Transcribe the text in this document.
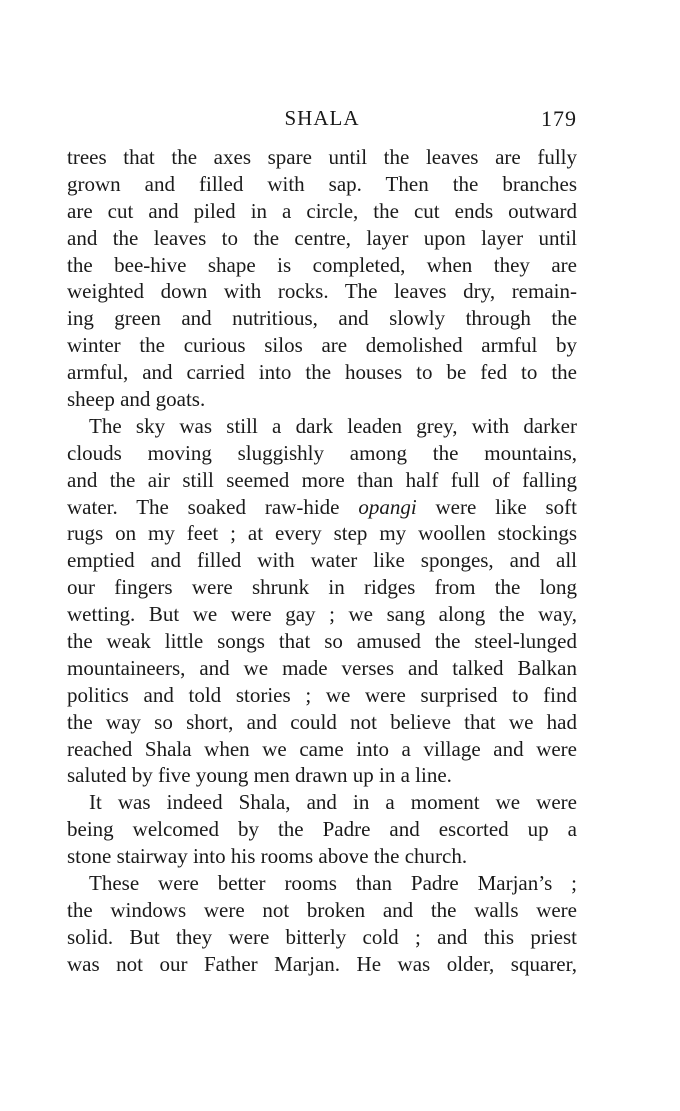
SHALA	179
trees that the axes spare until the leaves are fully
grown and filled with sap. Then the branches
are cut and piled in a circle, the cut ends outward
and the leaves to the centre, layer upon layer until
the bee-hive shape is completed, when they are
weighted down with rocks. The leaves dry, remain-
ing green and nutritious, and slowly through the
winter the curious silos are demolished armful by
armful, and carried into the houses to be fed to the
sheep and goats.
The sky was still a dark leaden grey, with darker
clouds moving sluggishly among the mountains,
and the air still seemed more than half full of falling
water. The soaked raw-hide opangi were like soft
rugs on my feet ; at every step my woollen stockings
emptied and filled with water like sponges, and all
our fingers were shrunk in ridges from the long
wetting. But we were gay ; we sang along the way,
the weak little songs that so amused the steel-lunged
mountaineers, and we made verses and talked Balkan
politics and told stories ; we were surprised to find
the way so short, and could not believe that we had
reached Shala when we came into a village and were
saluted by five young men drawn up in a line.
It was indeed Shala, and in a moment we were
being welcomed by the Padre and escorted up a
stone stairway into his rooms above the church.
These were better rooms than Padre Marjan’s ;
the windows were not broken and the walls were
solid. But they were bitterly cold ; and this priest
was not our Father Marjan. He was older, squarer,
